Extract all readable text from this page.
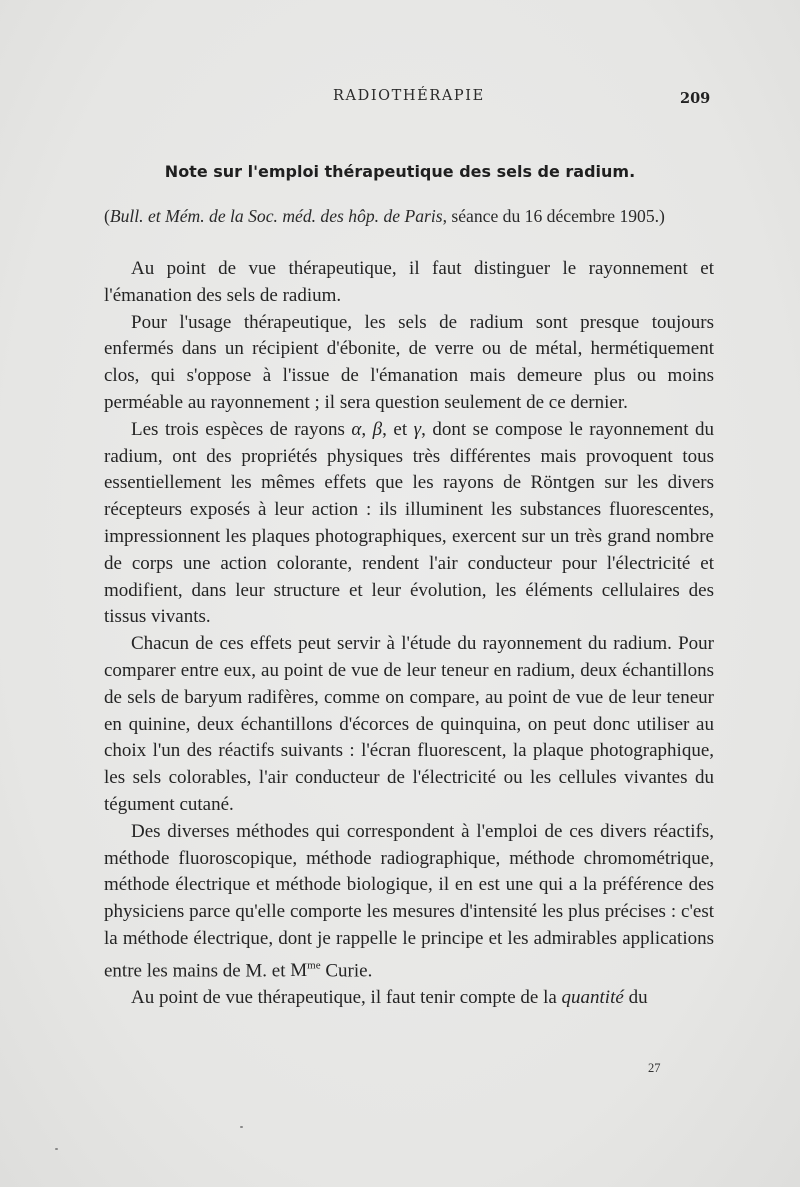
RADIOTHÉRAPIE	209
Note sur l'emploi thérapeutique des sels de radium.
(Bull. et Mém. de la Soc. méd. des hôp. de Paris, séance du 16 décembre 1905.)

Au point de vue thérapeutique, il faut distinguer le rayonnement et l'émanation des sels de radium.

Pour l'usage thérapeutique, les sels de radium sont presque toujours enfermés dans un récipient d'ébonite, de verre ou de métal, hermétiquement clos, qui s'oppose à l'issue de l'émanation mais demeure plus ou moins perméable au rayonnement ; il sera question seulement de ce dernier.

Les trois espèces de rayons α, β, et γ, dont se compose le rayonnement du radium, ont des propriétés physiques très différentes mais provoquent tous essentiellement les mêmes effets que les rayons de Röntgen sur les divers récepteurs exposés à leur action : ils illuminent les substances fluorescentes, impressionnent les plaques photographiques, exercent sur un très grand nombre de corps une action colorante, rendent l'air conducteur pour l'électricité et modifient, dans leur structure et leur évolution, les éléments cellulaires des tissus vivants.

Chacun de ces effets peut servir à l'étude du rayonnement du radium. Pour comparer entre eux, au point de vue de leur teneur en radium, deux échantillons de sels de baryum radifères, comme on compare, au point de vue de leur teneur en quinine, deux échantillons d'écorces de quinquina, on peut donc utiliser au choix l'un des réactifs suivants : l'écran fluorescent, la plaque photographique, les sels colorables, l'air conducteur de l'électricité ou les cellules vivantes du tégument cutané.

Des diverses méthodes qui correspondent à l'emploi de ces divers réactifs, méthode fluoroscopique, méthode radiographique, méthode chromométrique, méthode électrique et méthode biologique, il en est une qui a la préférence des physiciens parce qu'elle comporte les mesures d'intensité les plus précises : c'est la méthode électrique, dont je rappelle le principe et les admirables applications entre les mains de M. et $M^{me}$ Curie.

Au point de vue thérapeutique, il faut tenir compte de la quantité du

27
